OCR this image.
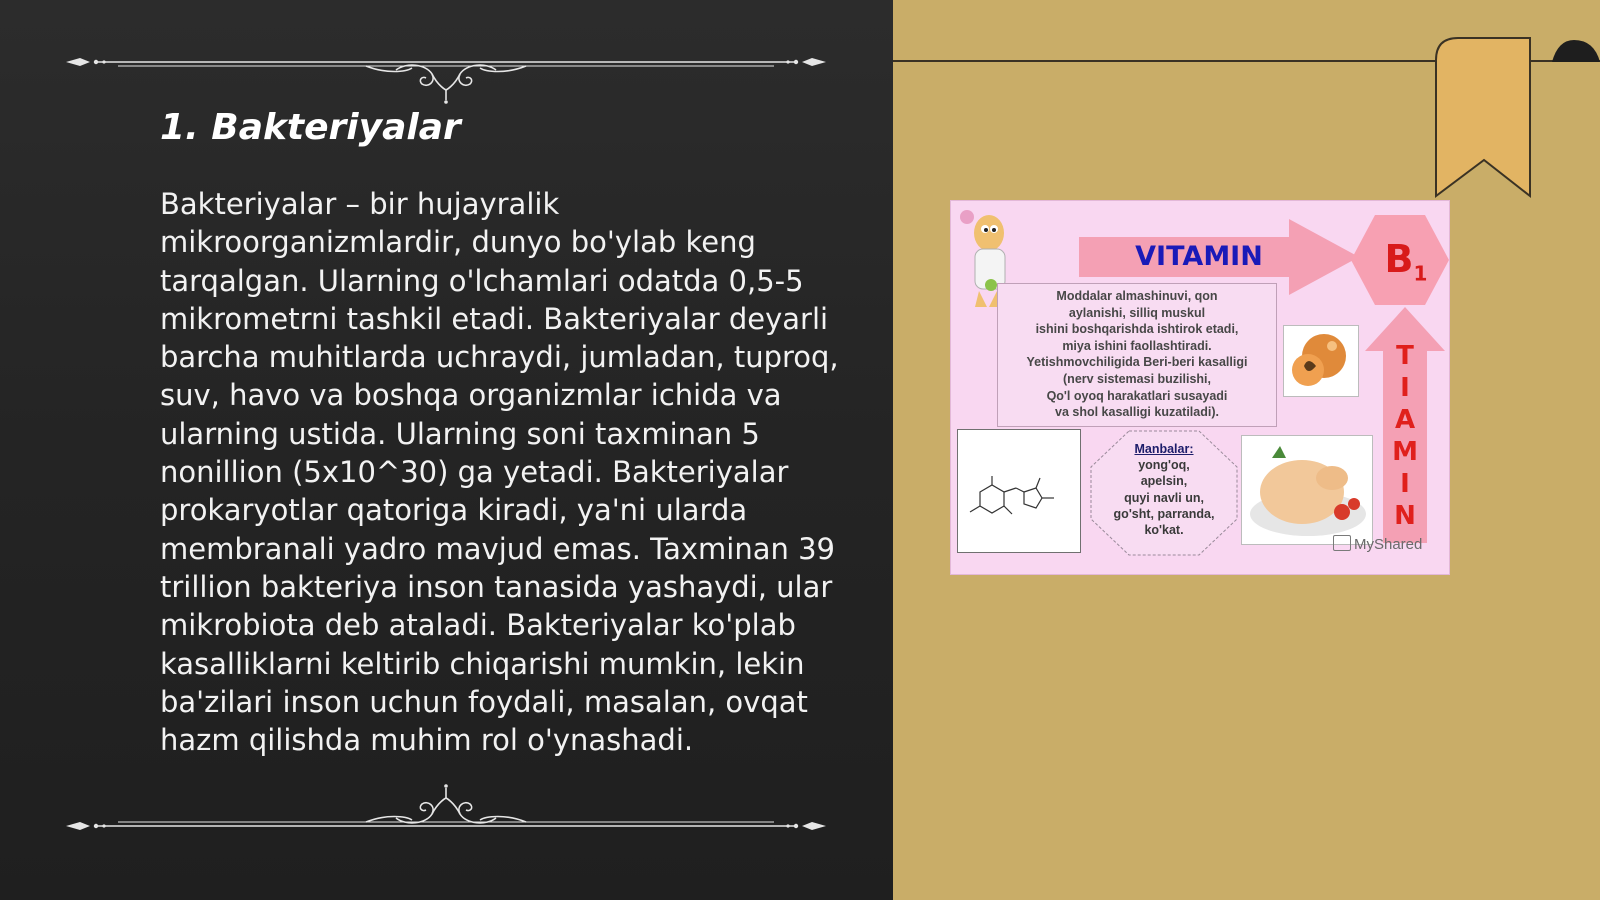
1. Bakteriyalar

Bakteriyalar – bir hujayralik mikroorganizmlardir, dunyo bo'ylab keng tarqalgan. Ularning o'lchamlari odatda 0,5-5 mikrometrni tashkil etadi. Bakteriyalar deyarli barcha muhitlarda uchraydi, jumladan, tuproq, suv, havo va boshqa organizmlar ichida va ularning ustida. Ularning soni taxminan 5 nonillion (5x10^30) ga yetadi. Bakteriyalar prokaryotlar qatoriga kiradi, ya'ni ularda membranali yadro mavjud emas. Taxminan 39 trillion bakteriya inson tanasida yashaydi, ular mikrobiota deb ataladi. Bakteriyalar ko'plab kasalliklarni keltirib chiqarishi mumkin, lekin ba'zilari inson uchun foydali, masalan, ovqat hazm qilishda muhim rol o'ynashadi.

VITAMIN	$B_1$
Moddalar almashinuvi, qon
aylanishi, silliq muskul
ishini boshqarishda ishtirok etadi,
miya ishini faollashtiradi.
Yetishmovchiligida Beri-beri kasalligi
(nerv sistemasi buzilishi,
Qo'l oyoq harakatlari susayadi
va shol kasalligi kuzatiladi).
T
I
A
M
I
N
Manbalar:
yong'oq,
apelsin,
quyi navli un,
go'sht, parranda,
ko'kat.
MyShared
